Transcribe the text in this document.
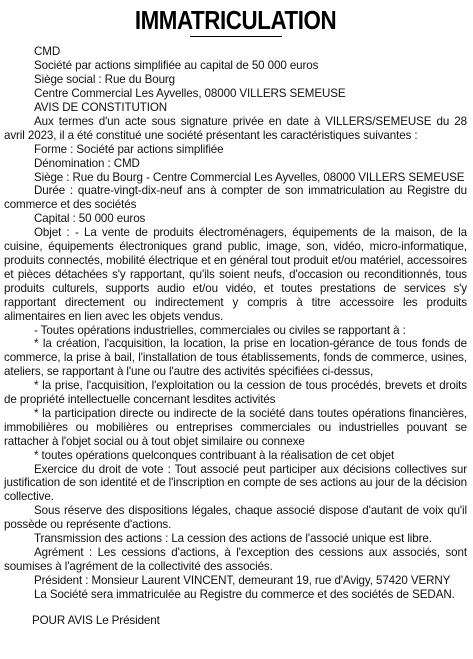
IMMATRICULATION

CMD

Société par actions simplifiée au capital de 50 000 euros

Siège social : Rue du Bourg

Centre Commercial Les Ayvelles, 08000 VILLERS SEMEUSE

AVIS DE CONSTITUTION

Aux termes d'un acte sous signature privée en date à VILLERS/SEMEUSE du 28 avril 2023, il a été constitué une société présentant les caractéristiques suivantes :

Forme : Société par actions simplifiée

Dénomination : CMD

Siège : Rue du Bourg - Centre Commercial Les Ayvelles, 08000 VILLERS SEMEUSE

Durée : quatre-vingt-dix-neuf ans à compter de son immatriculation au Registre du commerce et des sociétés

Capital : 50 000 euros

Objet : - La vente de produits électroménagers, équipements de la maison, de la cuisine, équipements électroniques grand public, image, son, vidéo, micro-informatique, produits connectés, mobilité électrique et en général tout produit et/ou matériel, accessoires et pièces détachées s'y rapportant, qu'ils soient neufs, d'occasion ou reconditionnés, tous produits culturels, supports audio et/ou vidéo, et toutes prestations de services s'y rapportant directement ou indirectement y compris à titre accessoire les produits alimentaires en lien avec les objets vendus.

- Toutes opérations industrielles, commerciales ou civiles se rapportant à :

* la création, l'acquisition, la location, la prise en location-gérance de tous fonds de commerce, la prise à bail, l'installation de tous établissements, fonds de commerce, usines, ateliers, se rapportant à l'une ou l'autre des activités spécifiées ci-dessus,

* la prise, l'acquisition, l'exploitation ou la cession de tous procédés, brevets et droits de propriété intellectuelle concernant lesdites activités

* la participation directe ou indirecte de la société dans toutes opérations financières, immobilières ou mobilières ou entreprises commerciales ou industrielles pouvant se rattacher à l'objet social ou à tout objet similaire ou connexe

* toutes opérations quelconques contribuant à la réalisation de cet objet

Exercice du droit de vote : Tout associé peut participer aux décisions collectives sur justification de son identité et de l'inscription en compte de ses actions au jour de la décision collective.

Sous réserve des dispositions légales, chaque associé dispose d'autant de voix qu'il possède ou représente d'actions.

Transmission des actions : La cession des actions de l'associé unique est libre.

Agrément : Les cessions d'actions, à l'exception des cessions aux associés, sont soumises à l'agrément de la collectivité des associés.

Président : Monsieur Laurent VINCENT, demeurant 19, rue d'Avigy, 57420 VERNY

La Société sera immatriculée au Registre du commerce et des sociétés de SEDAN.

POUR AVIS Le Président
